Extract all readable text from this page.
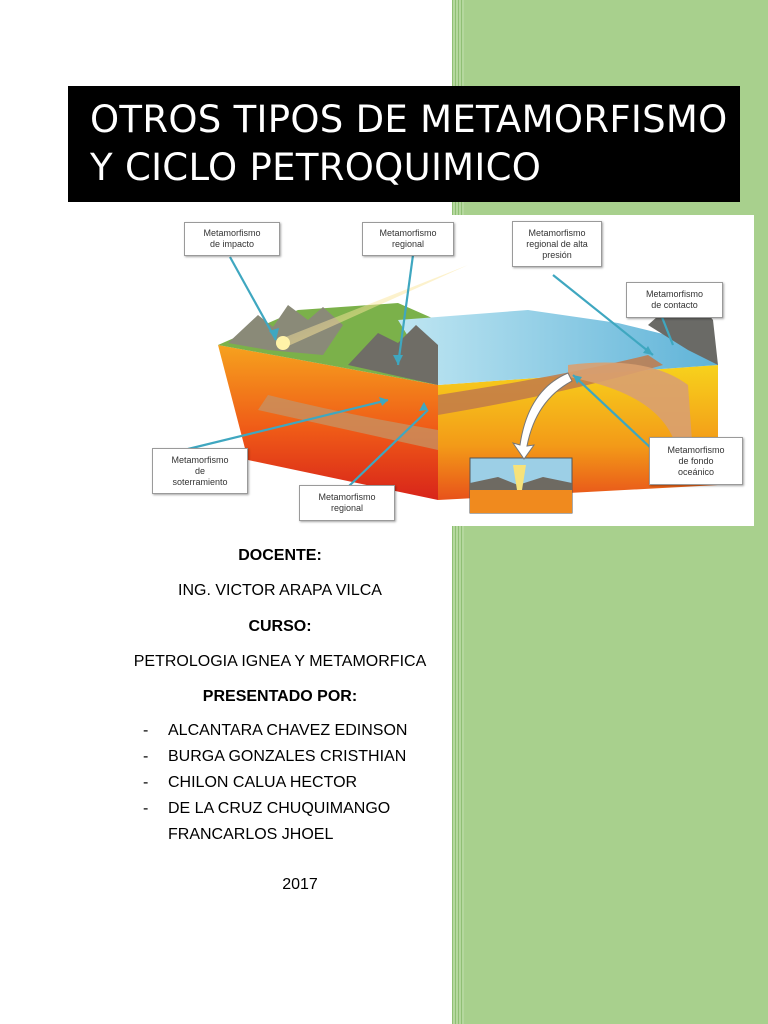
OTROS TIPOS DE METAMORFISMO
Y CICLO PETROQUIMICO
Metamorfismo
de impacto
Metamorfismo
regional
Metamorfismo
regional de alta
presión
Metamorfismo
de contacto
Metamorfismo
de
soterramiento
Metamorfismo
regional
Metamorfismo
de fondo
oceánico
DOCENTE:
ING. VICTOR ARAPA VILCA
CURSO:
PETROLOGIA IGNEA Y METAMORFICA
PRESENTADO POR:
- ALCANTARA CHAVEZ EDINSON
- BURGA GONZALES CRISTHIAN
- CHILON CALUA HECTOR
- DE LA CRUZ CHUQUIMANGO
FRANCARLOS JHOEL
2017
